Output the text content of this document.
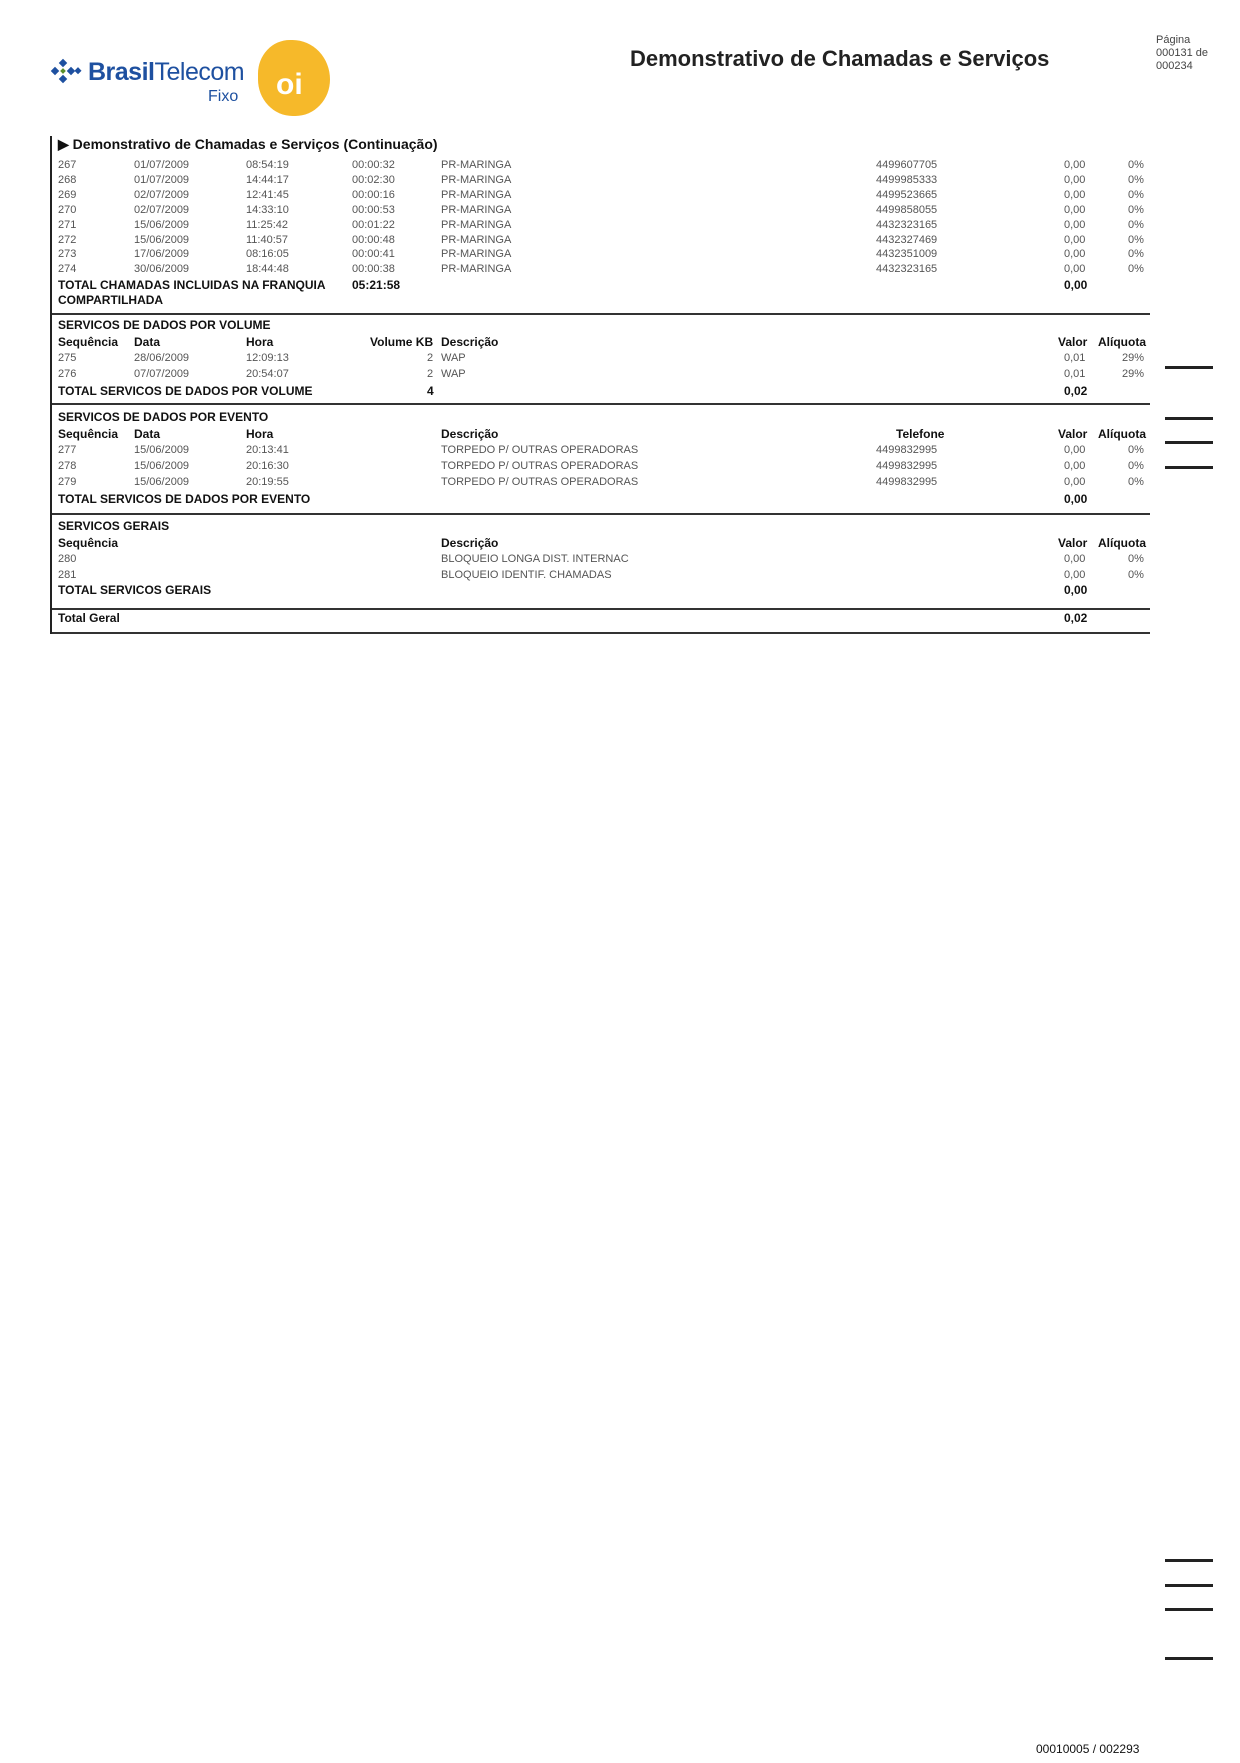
BrasilTelecom
Fixo oi
Demonstrativo de Chamadas e Serviços
Página
000131 de
000234
▶ Demonstrativo de Chamadas e Serviços (Continuação)
267	01/07/2009	08:54:19	00:00:32	PR-MARINGA	4499607705	0,00	0%
268	01/07/2009	14:44:17	00:02:30	PR-MARINGA	4499985333	0,00	0%
269	02/07/2009	12:41:45	00:00:16	PR-MARINGA	4499523665	0,00	0%
270	02/07/2009	14:33:10	00:00:53	PR-MARINGA	4499858055	0,00	0%
271	15/06/2009	11:25:42	00:01:22	PR-MARINGA	4432323165	0,00	0%
272	15/06/2009	11:40:57	00:00:48	PR-MARINGA	4432327469	0,00	0%
273	17/06/2009	08:16:05	00:00:41	PR-MARINGA	4432351009	0,00	0%
274	30/06/2009	18:44:48	00:00:38	PR-MARINGA	4432323165	0,00	0%
TOTAL CHAMADAS INCLUIDAS NA FRANQUIA 05:21:58	0,00
COMPARTILHADA
SERVICOS DE DADOS POR VOLUME
Sequência Data	Hora	Volume KB Descrição	Valor Alíquota
275	28/06/2009	12:09:13	2 WAP	0,01	29%
276	07/07/2009	20:54:07	2 WAP	0,01	29%
TOTAL SERVICOS DE DADOS POR VOLUME	4	0,02
SERVICOS DE DADOS POR EVENTO
Sequência Data	Hora	Descrição	Telefone	Valor Alíquota
277	15/06/2009	20:13:41	TORPEDO P/ OUTRAS OPERADORAS	4499832995	0,00	0%
278	15/06/2009	20:16:30	TORPEDO P/ OUTRAS OPERADORAS	4499832995	0,00	0%
279	15/06/2009	20:19:55	TORPEDO P/ OUTRAS OPERADORAS	4499832995	0,00	0%
TOTAL SERVICOS DE DADOS POR EVENTO	0,00
SERVICOS GERAIS
Sequência	Descrição	Valor Alíquota
280	BLOQUEIO LONGA DIST. INTERNAC	0,00	0%
281	BLOQUEIO IDENTIF. CHAMADAS	0,00	0%
TOTAL SERVICOS GERAIS	0,00
Total Geral	0,02
00010005 / 002293
